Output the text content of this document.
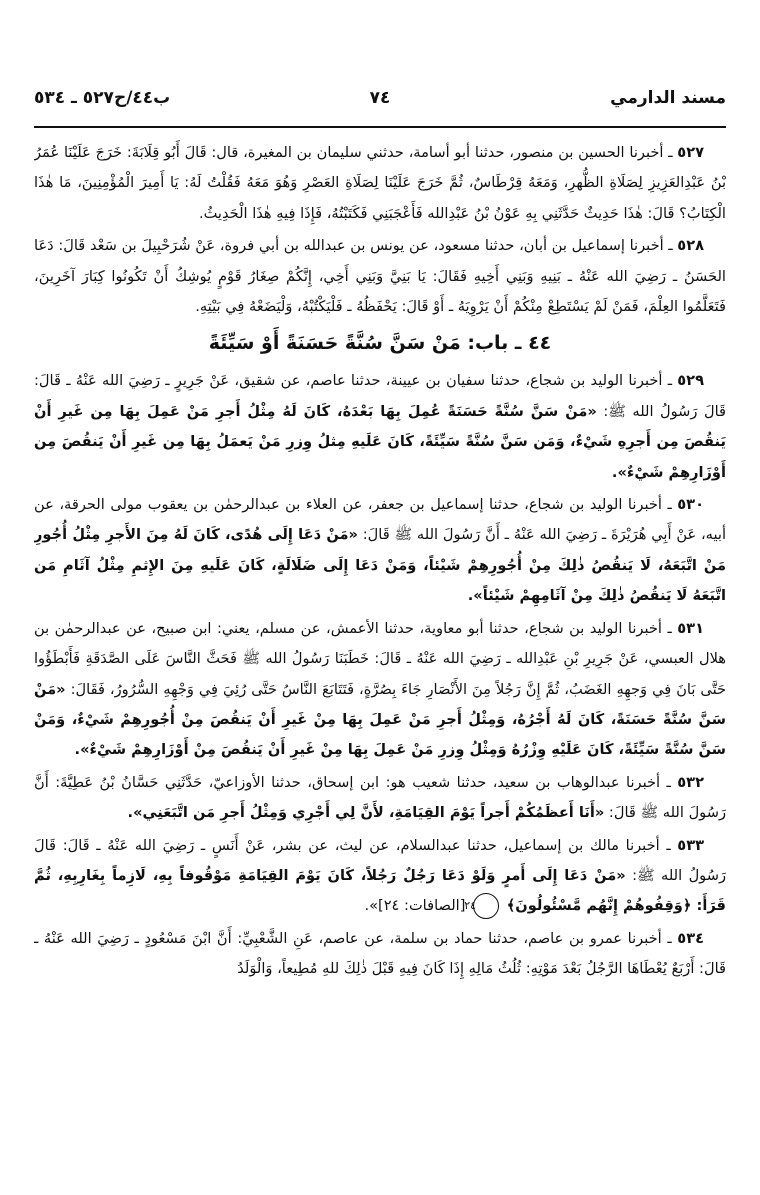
مسند الدارمي
٧٤
ب٤٤/ح٥٢٧ ـ ٥٣٤

٥٢٧ ـ أخبرنا الحسين بن منصور، حدثنا أبو أسامة، حدثني سليمان بن المغيرة، قال: قَالَ أَبُو قِلَابَةَ: خَرَجَ عَلَيْنَا عُمَرُ بْنُ عَبْدِالعَزِيزِ لِصَلَاةِ الظُّهرِ، وَمَعَهُ قِرْطَاسٌ، ثُمَّ خَرَجَ عَلَيْنَا لِصَلَاةِ العَصْرِ وَهُوَ مَعَهُ فَقُلْتُ لَهُ: يَا أَمِيرَ الْمُؤْمِنِينَ، مَا هٰذَا الْكِتَابُ؟ قَالَ: هٰذَا حَدِيثٌ حَدَّثَنِي بِهِ عَوْنُ بْنُ عَبْدِالله فَأَعْجَبَنِي فَكَتَبْتُهُ، فَإِذَا فِيهِ هٰذَا الْحَدِيثُ.

٥٢٨ ـ أخبرنا إسماعيل بن أبان، حدثنا مسعود، عن يونس بن عبدالله بن أبي فروة، عَنْ شُرَحْبِيلَ بن سَعْد قَالَ: دَعَا الحَسَنُ ـ رَضِيَ الله عَنْهُ ـ بَنِيهِ وَبَنِي أَخِيهِ فَقَالَ: يَا بَنِيَّ وَبَنِي أَخِي، إِنَّكُمْ صِغَارُ قَوْمٍ يُوشِكُ أَنْ تَكُونُوا كِبَارَ آخَرِينَ، فَتَعَلَّمُوا العِلْمَ، فَمَنْ لَمْ يَسْتَطِعْ مِنْكُمْ أَنْ يَرْوِيَهُ ـ أَوْ قَالَ: يَحْفَظُهُ ـ فَلْيَكْتُبْهُ، وَلْيَضَعْهُ فِي بَيْتِهِ.

٤٤ ـ باب: مَنْ سَنَّ سُنَّةً حَسَنَةً أَوْ سَيِّئَةً

٥٢٩ ـ أخبرنا الوليد بن شجاع، حدثنا سفيان بن عيينة، حدثنا عاصم، عن شقيق، عَنْ جَرِيرٍ ـ رَضِيَ الله عَنْهُ ـ قَالَ: قَالَ رَسُولُ الله ﷺ: «مَنْ سَنَّ سُنَّةً حَسَنَةً عُمِلَ بِهَا بَعْدَهُ، كَانَ لَهُ مِثْلُ أَجرِ مَنْ عَمِلَ بِهَا مِن غَيرِ أَنْ يَنقُصَ مِن أَجرِهِ شَيْءٌ، وَمَن سَنَّ سُنَّةً سَيِّئَةً، كَانَ عَلَيهِ مِثلُ وِزرِ مَنْ يَعمَلُ بِهَا مِن غَيرِ أَنْ يَنقُصَ مِن أَوْزَارِهِمْ شَيْءٌ».

٥٣٠ ـ أخبرنا الوليد بن شجاع، حدثنا إسماعيل بن جعفر، عن العلاء بن عبدالرحمٰن بن يعقوب مولى الحرقة، عن أبيه، عَنْ أَبِي هُرَيْرَةَ ـ رَضِيَ الله عَنْهُ ـ أَنَّ رَسُولَ الله ﷺ قَالَ: «مَنْ دَعَا إِلَى هُدًى، كَانَ لَهُ مِنَ الأَجرِ مِثْلُ أُجُورِ مَنْ اتَّبَعَهُ، لَا يَنقُصُ ذٰلِكَ مِنْ أُجُورِهِمْ شَيْئاً، وَمَنْ دَعَا إِلَى ضَلَالَةٍ، كَانَ عَلَيهِ مِنَ الإِثمِ مِثْلُ آثَامِ مَن اتَّبَعَهُ لَا يَنقُصُ ذٰلِكَ مِنْ آثَامِهِمْ شَيْئاً».

٥٣١ ـ أخبرنا الوليد بن شجاع، حدثنا أبو معاوية، حدثنا الأعمش، عن مسلم، يعني: ابن صبيح، عن عبدالرحمٰن بن هلال العبسي، عَنْ جَرِيرِ بْنِ عَبْدِالله ـ رَضِيَ الله عَنْهُ ـ قَالَ: خَطَبَنَا رَسُولُ الله ﷺ فَحَثَّ النَّاسَ عَلَى الصَّدَقَةِ فَأَبْطَؤُوا حَتَّى بَانَ فِي وَجهِهِ الغَضَبُ، ثُمَّ إِنَّ رَجُلاً مِنَ الأَنْصَارِ جَاءَ بِصُرَّةٍ، فَتَتَابَعَ النَّاسُ حَتَّى رُئِيَ فِي وَجْهِهِ السُّرُورُ، فَقَالَ: «مَنْ سَنَّ سُنَّةً حَسَنَةً، كَانَ لَهُ أَجْرُهُ، وَمِثْلُ أَجرِ مَنْ عَمِلَ بِهَا مِنْ غَيرِ أَنْ يَنقُصَ مِنْ أُجُورِهِمْ شَيْءٌ، وَمَنْ سَنَّ سُنَّةً سَيِّئَةً، كَانَ عَلَيْهِ وِزْرُهُ وَمِثْلُ وِزرِ مَنْ عَمِلَ بِهَا مِنْ غَيرِ أَنْ يَنقُصَ مِنْ أَوْزَارِهِمْ شَيْءٌ».

٥٣٢ ـ أخبرنا عبدالوهاب بن سعيد، حدثنا شعيب هو: ابن إسحاق، حدثنا الأوزاعيّ، حَدَّثَنِي حَسَّانُ بْنُ عَطِيَّةَ: أَنَّ رَسُولَ الله ﷺ قَالَ: «أَنَا أَعظَمُكُمْ أَجراً يَوْمَ القِيَامَةِ، لأَنَّ لِي أَجْرِي وَمِثْلُ أَجرِ مَن اتَّبَعَنِي».

٥٣٣ ـ أخبرنا مالك بن إسماعيل، حدثنا عبدالسلام، عن ليث، عن بشر، عَنْ أَنَسٍ ـ رَضِيَ الله عَنْهُ ـ قَالَ: قَالَ رَسُولُ الله ﷺ: «مَنْ دَعَا إِلَى أَمرٍ وَلَوْ دَعَا رَجُلٌ رَجُلاً، كَانَ يَوْمَ القِيَامَةِ مَوْقُوفاً بِهِ، لَازِماً بِغَارِبِهِ، ثُمَّ قَرَأَ: ﴿وَقِفُوهُمْ إِنَّهُم مَّسْئُولُونَ﴾ ٢٤ [الصافات: ٢٤]».

٥٣٤ ـ أخبرنا عمرو بن عاصم، حدثنا حماد بن سلمة، عن عاصم، عَنِ الشَّعْبِيِّ: أَنَّ ابْنَ مَسْعُودٍ ـ رَضِيَ الله عَنْهُ ـ قَالَ: أَرْبَعٌ يُعْطَاهَا الرَّجُلُ بَعْدَ مَوْتِهِ: ثُلُثُ مَالِهِ إِذَا كَانَ فِيهِ قَبْلَ ذٰلِكَ للهِ مُطِيعاً، وَالْوَلَدُ
